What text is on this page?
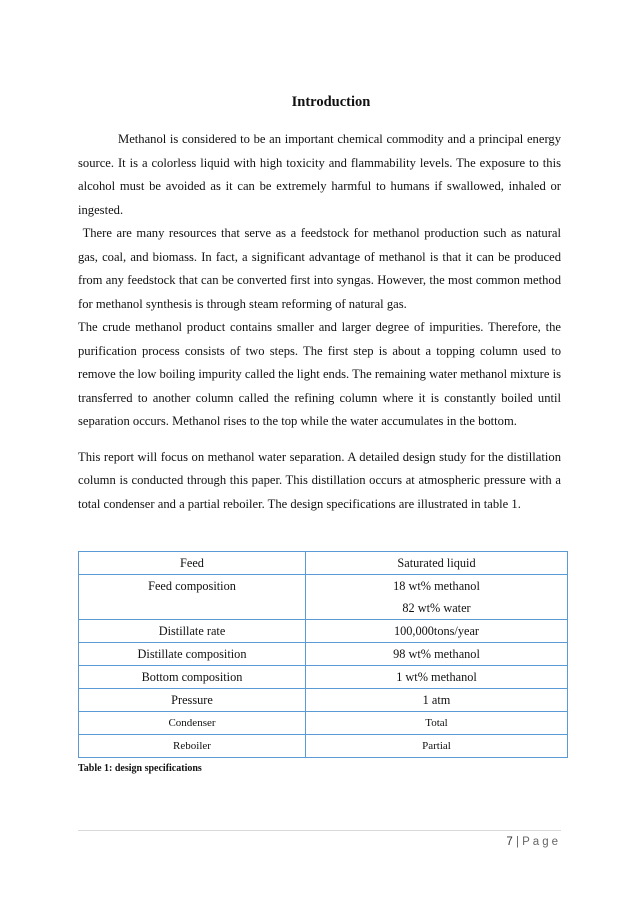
Introduction

Methanol is considered to be an important chemical commodity and a principal energy source. It is a colorless liquid with high toxicity and flammability levels. The exposure to this alcohol must be avoided as it can be extremely harmful to humans if swallowed, inhaled or ingested.

There are many resources that serve as a feedstock for methanol production such as natural gas, coal, and biomass. In fact, a significant advantage of methanol is that it can be produced from any feedstock that can be converted first into syngas. However, the most common method for methanol synthesis is through steam reforming of natural gas.

The crude methanol product contains smaller and larger degree of impurities. Therefore, the purification process consists of two steps. The first step is about a topping column used to remove the low boiling impurity called the light ends. The remaining water methanol mixture is transferred to another column called the refining column where it is constantly boiled until separation occurs. Methanol rises to the top while the water accumulates in the bottom.

This report will focus on methanol water separation. A detailed design study for the distillation column is conducted through this paper. This distillation occurs at atmospheric pressure with a total condenser and a partial reboiler. The design specifications are illustrated in table 1.

Feed	Saturated liquid
Feed composition	18 wt% methanol
82 wt% water

Distillate rate	100,000tons/year
Distillate composition	98 wt% methanol
Bottom composition	1 wt% methanol
Pressure	1 atm
Condenser	Total
Reboiler	Partial
Table 1: design specifications
7 | Page
